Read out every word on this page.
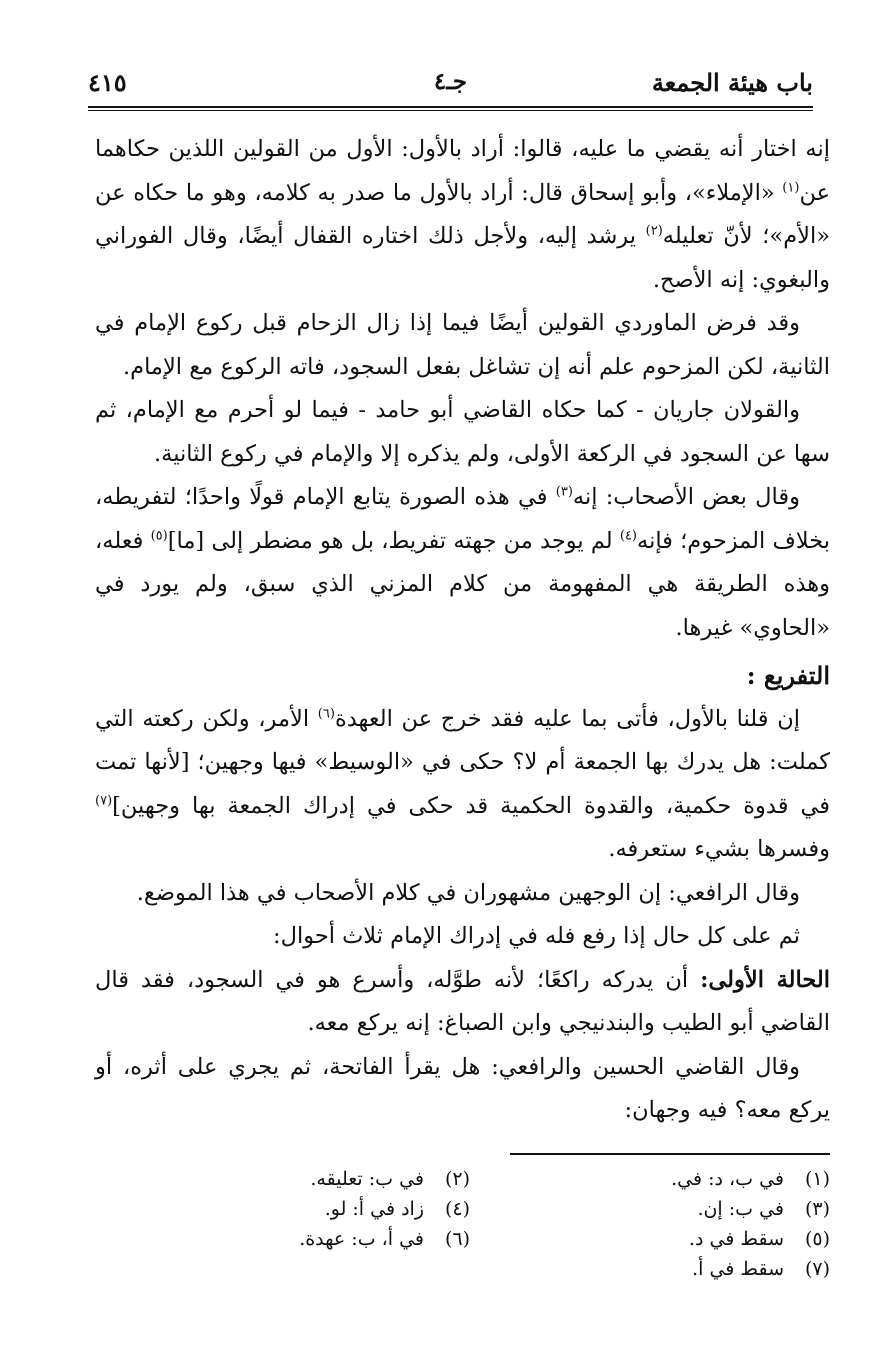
باب هيئة الجمعة
جـ٤
٤١٥

إنه اختار أنه يقضي ما عليه، قالوا: أراد بالأول: الأول من القولين اللذين حكاهما عن$^{(١)}$ «الإملاء»، وأبو إسحاق قال: أراد بالأول ما صدر به كلامه، وهو ما حكاه عن «الأم»؛ لأنّ تعليله$^{(٢)}$ يرشد إليه، ولأجل ذلك اختاره القفال أيضًا، وقال الفوراني والبغوي: إنه الأصح.

وقد فرض الماوردي القولين أيضًا فيما إذا زال الزحام قبل ركوع الإمام في الثانية، لكن المزحوم علم أنه إن تشاغل بفعل السجود، فاته الركوع مع الإمام.

والقولان جاريان - كما حكاه القاضي أبو حامد - فيما لو أحرم مع الإمام، ثم سها عن السجود في الركعة الأولى، ولم يذكره إلا والإمام في ركوع الثانية.

وقال بعض الأصحاب: إنه$^{(٣)}$ في هذه الصورة يتابع الإمام قولًا واحدًا؛ لتفريطه، بخلاف المزحوم؛ فإنه$^{(٤)}$ لم يوجد من جهته تفريط، بل هو مضطر إلى [ما]$^{(٥)}$ فعله، وهذه الطريقة هي المفهومة من كلام المزني الذي سبق، ولم يورد في «الحاوي» غيرها.

التفريع :

إن قلنا بالأول، فأتى بما عليه فقد خرج عن العهدة$^{(٦)}$ الأمر، ولكن ركعته التي كملت: هل يدرك بها الجمعة أم لا؟ حكى في «الوسيط» فيها وجهين؛ [لأنها تمت في قدوة حكمية، والقدوة الحكمية قد حكى في إدراك الجمعة بها وجهين]$^{(٧)}$ وفسرها بشيء ستعرفه.

وقال الرافعي: إن الوجهين مشهوران في كلام الأصحاب في هذا الموضع.

ثم على كل حال إذا رفع فله في إدراك الإمام ثلاث أحوال:

الحالة الأولى: أن يدركه راكعًا؛ لأنه طوَّله، وأسرع هو في السجود، فقد قال القاضي أبو الطيب والبندنيجي وابن الصباغ: إنه يركع معه.

وقال القاضي الحسين والرافعي: هل يقرأ الفاتحة، ثم يجري على أثره، أو يركع معه؟ فيه وجهان:

(١)في ب، د: في.
(٢)في ب: تعليقه.
(٣)في ب: إن.
(٤)زاد في أ: لو.
(٥)سقط في د.
(٦)في أ، ب: عهدة.
(٧)سقط في أ.
